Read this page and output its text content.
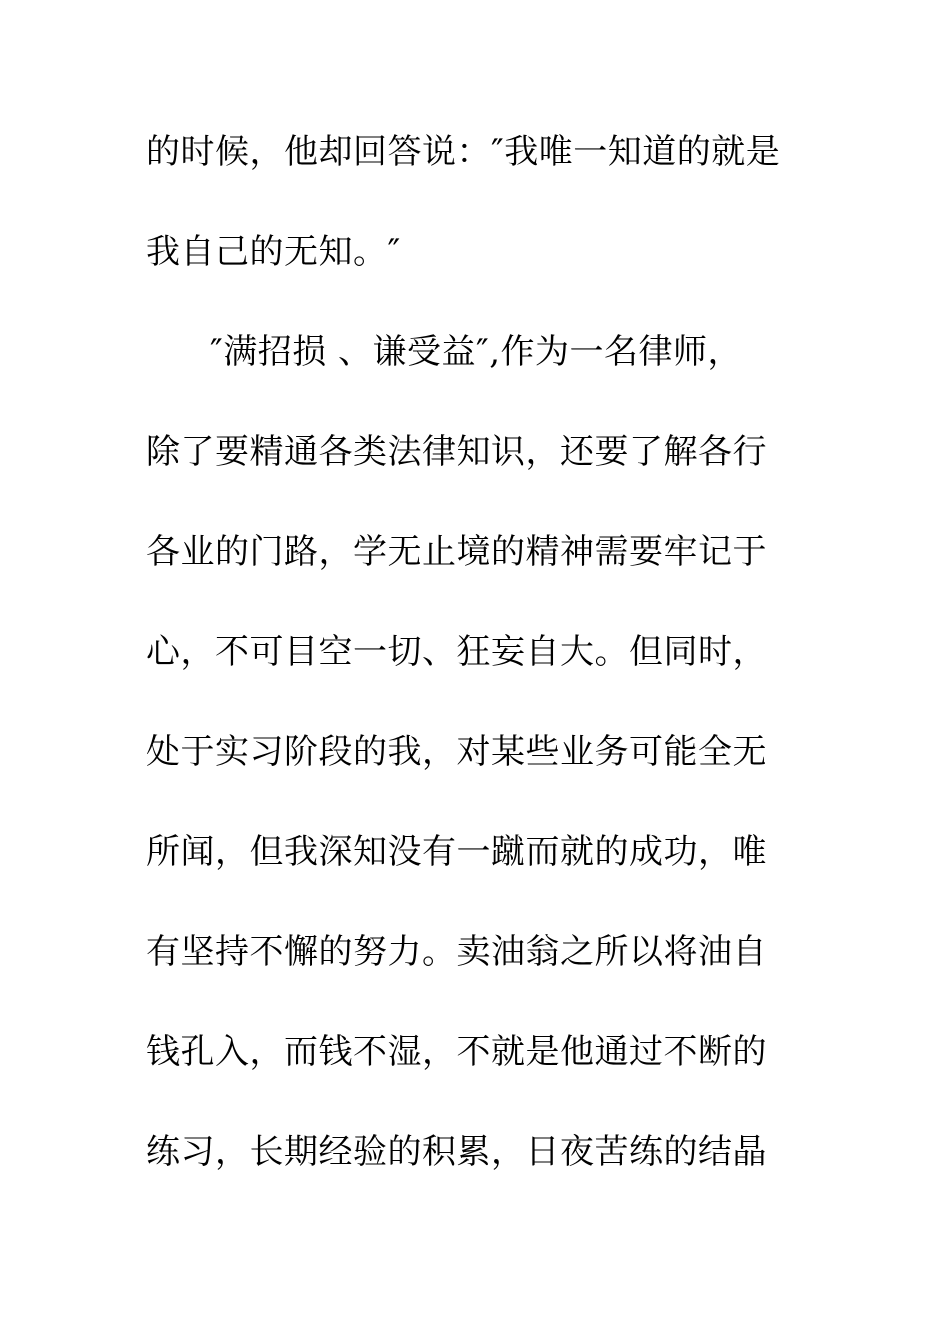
的时候，他却回答说：″我唯一知道的就是
我自己的无知。″
″满招损 、谦受益″,作为一名律师，
除了要精通各类法律知识，还要了解各行
各业的门路，学无止境的精神需要牢记于
心，不可目空一切、狂妄自大。但同时，
处于实习阶段的我，对某些业务可能全无
所闻，但我深知没有一蹴而就的成功，唯
有坚持不懈的努力。卖油翁之所以将油自
钱孔入，而钱不湿，不就是他通过不断的
练习，长期经验的积累，日夜苦练的结晶
